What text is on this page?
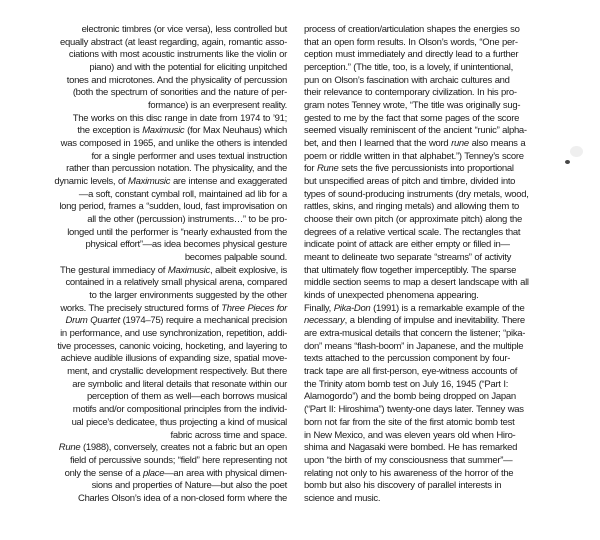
electronic timbres (or vice versa), less controlled but
equally abstract (at least regarding, again, romantic asso-
ciations with most acoustic instruments like the violin or
piano) and with the potential for eliciting unpitched
tones and microtones. And the physicality of percussion
(both the spectrum of sonorities and the nature of per-
formance) is an everpresent reality.
The works on this disc range in date from 1974 to ’91;
the exception is Maximusic (for Max Neuhaus) which
was composed in 1965, and unlike the others is intended
for a single performer and uses textual instruction
rather than percussion notation. The physicality, and the
dynamic levels, of Maximusic are intense and exaggerated
—a soft, constant cymbal roll, maintained ad lib for a
long period, frames a “sudden, loud, fast improvisation on
all the other (percussion) instruments…” to be pro-
longed until the performer is “nearly exhausted from the
physical effort”—as idea becomes physical gesture
becomes palpable sound.
The gestural immediacy of Maximusic, albeit explosive, is
contained in a relatively small physical arena, compared
to the larger environments suggested by the other
works. The precisely structured forms of Three Pieces for
Drum Quartet (1974–75) require a mechanical precision
in performance, and use synchronization, repetition, addi-
tive processes, canonic voicing, hocketing, and layering to
achieve audible illusions of expanding size, spatial move-
ment, and crystallic development respectively. But there
are symbolic and literal details that resonate within our
perception of them as well—each borrows musical
motifs and/or compositional principles from the individ-
ual piece’s dedicatee, thus projecting a kind of musical
fabric across time and space.
Rune (1988), conversely, creates not a fabric but an open
field of percussive sounds; “field” here representing not
only the sense of a place—an area with physical dimen-
sions and properties of Nature—but also the poet
Charles Olson’s idea of a non-closed form where the
process of creation/articulation shapes the energies so
that an open form results. In Olson’s words, “One per-
ception must immediately and directly lead to a further
perception.” (The title, too, is a lovely, if unintentional,
pun on Olson’s fascination with archaic cultures and
their relevance to contemporary civilization. In his pro-
gram notes Tenney wrote, “The title was originally sug-
gested to me by the fact that some pages of the score
seemed visually reminiscent of the ancient “runic” alpha-
bet, and then I learned that the word rune also means a
poem or riddle written in that alphabet.”) Tenney’s score
for Rune sets the five percussionists into proportional
but unspecified areas of pitch and timbre, divided into
types of sound-producing instruments (dry metals, wood,
rattles, skins, and ringing metals) and allowing them to
choose their own pitch (or approximate pitch) along the
degrees of a relative vertical scale. The rectangles that
indicate point of attack are either empty or filled in—
meant to delineate two separate “streams” of activity
that ultimately flow together imperceptibly. The sparse
middle section seems to map a desert landscape with all
kinds of unexpected phenomena appearing.
Finally, Pika-Don (1991) is a remarkable example of the
necessary, a blending of impulse and inevitability. There
are extra-musical details that concern the listener; “pika-
don” means “flash-boom” in Japanese, and the multiple
texts attached to the percussion component by four-
track tape are all first-person, eye-witness accounts of
the Trinity atom bomb test on July 16, 1945 (“Part I:
Alamogordo”) and the bomb being dropped on Japan
(“Part II: Hiroshima”) twenty-one days later. Tenney was
born not far from the site of the first atomic bomb test
in New Mexico, and was eleven years old when Hiro-
shima and Nagasaki were bombed. He has remarked
upon “the birth of my consciousness that summer”—
relating not only to his awareness of the horror of the
bomb but also his discovery of parallel interests in
science and music.
